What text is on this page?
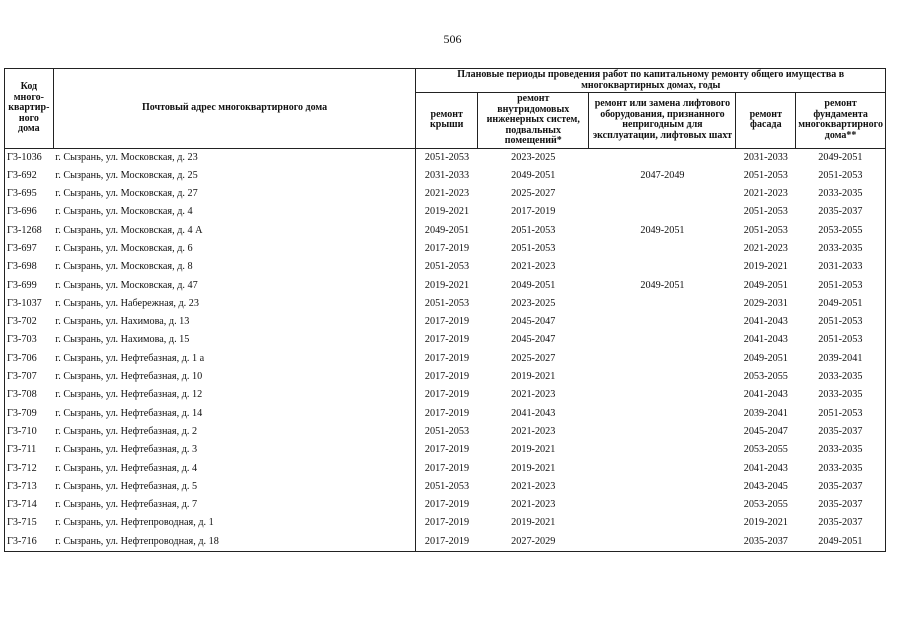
506
Код много-квартир-ного дома	Почтовый адрес многоквартирного дома	Плановые периоды проведения работ по капитальному ремонту общего имущества в многоквартирных домах, годы				
		ремонт крыши	ремонт внутридомовых инженерных систем, подвальных помещений*	ремонт или замена лифтового оборудования, признанного непригодным для эксплуатации, лифтовых шахт	ремонт фасада	ремонт фундамента многоквартирного дома**
Г3-1036	г. Сызрань, ул. Московская, д. 23	2051-2053	2023-2025		2031-2033	2049-2051
Г3-692	г. Сызрань, ул. Московская, д. 25	2031-2033	2049-2051	2047-2049	2051-2053	2051-2053
Г3-695	г. Сызрань, ул. Московская, д. 27	2021-2023	2025-2027		2021-2023	2033-2035
Г3-696	г. Сызрань, ул. Московская, д. 4	2019-2021	2017-2019		2051-2053	2035-2037
Г3-1268	г. Сызрань, ул. Московская, д. 4 А	2049-2051	2051-2053	2049-2051	2051-2053	2053-2055
Г3-697	г. Сызрань, ул. Московская, д. 6	2017-2019	2051-2053		2021-2023	2033-2035
Г3-698	г. Сызрань, ул. Московская, д. 8	2051-2053	2021-2023		2019-2021	2031-2033
Г3-699	г. Сызрань, ул. Московская, д. 47	2019-2021	2049-2051	2049-2051	2049-2051	2051-2053
Г3-1037	г. Сызрань, ул. Набережная, д. 23	2051-2053	2023-2025		2029-2031	2049-2051
Г3-702	г. Сызрань, ул. Нахимова, д. 13	2017-2019	2045-2047		2041-2043	2051-2053
Г3-703	г. Сызрань, ул. Нахимова, д. 15	2017-2019	2045-2047		2041-2043	2051-2053
Г3-706	г. Сызрань, ул. Нефтебазная, д. 1 а	2017-2019	2025-2027		2049-2051	2039-2041
Г3-707	г. Сызрань, ул. Нефтебазная, д. 10	2017-2019	2019-2021		2053-2055	2033-2035
Г3-708	г. Сызрань, ул. Нефтебазная, д. 12	2017-2019	2021-2023		2041-2043	2033-2035
Г3-709	г. Сызрань, ул. Нефтебазная, д. 14	2017-2019	2041-2043		2039-2041	2051-2053
Г3-710	г. Сызрань, ул. Нефтебазная, д. 2	2051-2053	2021-2023		2045-2047	2035-2037
Г3-711	г. Сызрань, ул. Нефтебазная, д. 3	2017-2019	2019-2021		2053-2055	2033-2035
Г3-712	г. Сызрань, ул. Нефтебазная, д. 4	2017-2019	2019-2021		2041-2043	2033-2035
Г3-713	г. Сызрань, ул. Нефтебазная, д. 5	2051-2053	2021-2023		2043-2045	2035-2037
Г3-714	г. Сызрань, ул. Нефтебазная, д. 7	2017-2019	2021-2023		2053-2055	2035-2037
Г3-715	г. Сызрань, ул. Нефтепроводная, д. 1	2017-2019	2019-2021		2019-2021	2035-2037
Г3-716	г. Сызрань, ул. Нефтепроводная, д. 18	2017-2019	2027-2029		2035-2037	2049-2051
